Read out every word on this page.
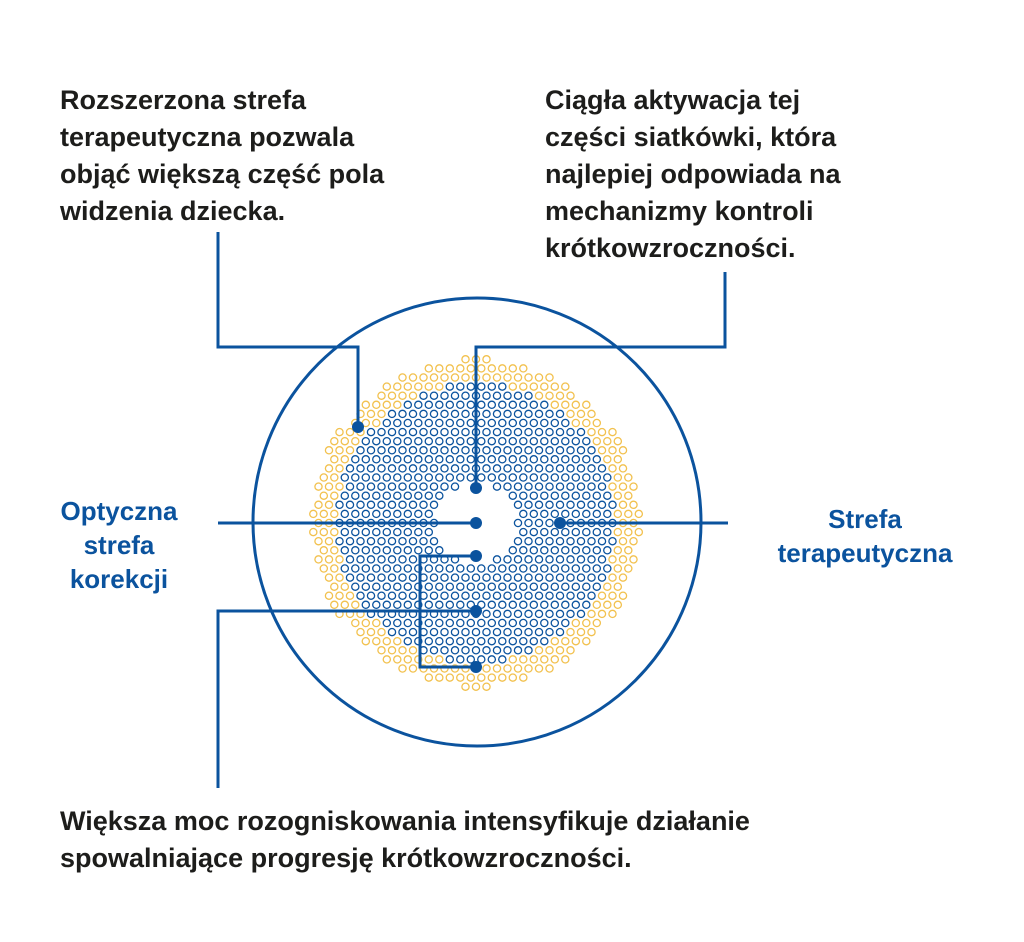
Rozszerzona strefa
terapeutyczna pozwala
objąć większą część pola
widzenia dziecka.

Ciągła aktywacja tej
części siatkówki, która
najlepiej odpowiada na
mechanizmy kontroli
krótkowzroczności.

Większa moc rozogniskowania intensyfikuje działanie
spowalniające progresję krótkowzroczności.

Optyczna
strefa
korekcji

Strefa
terapeutyczna
